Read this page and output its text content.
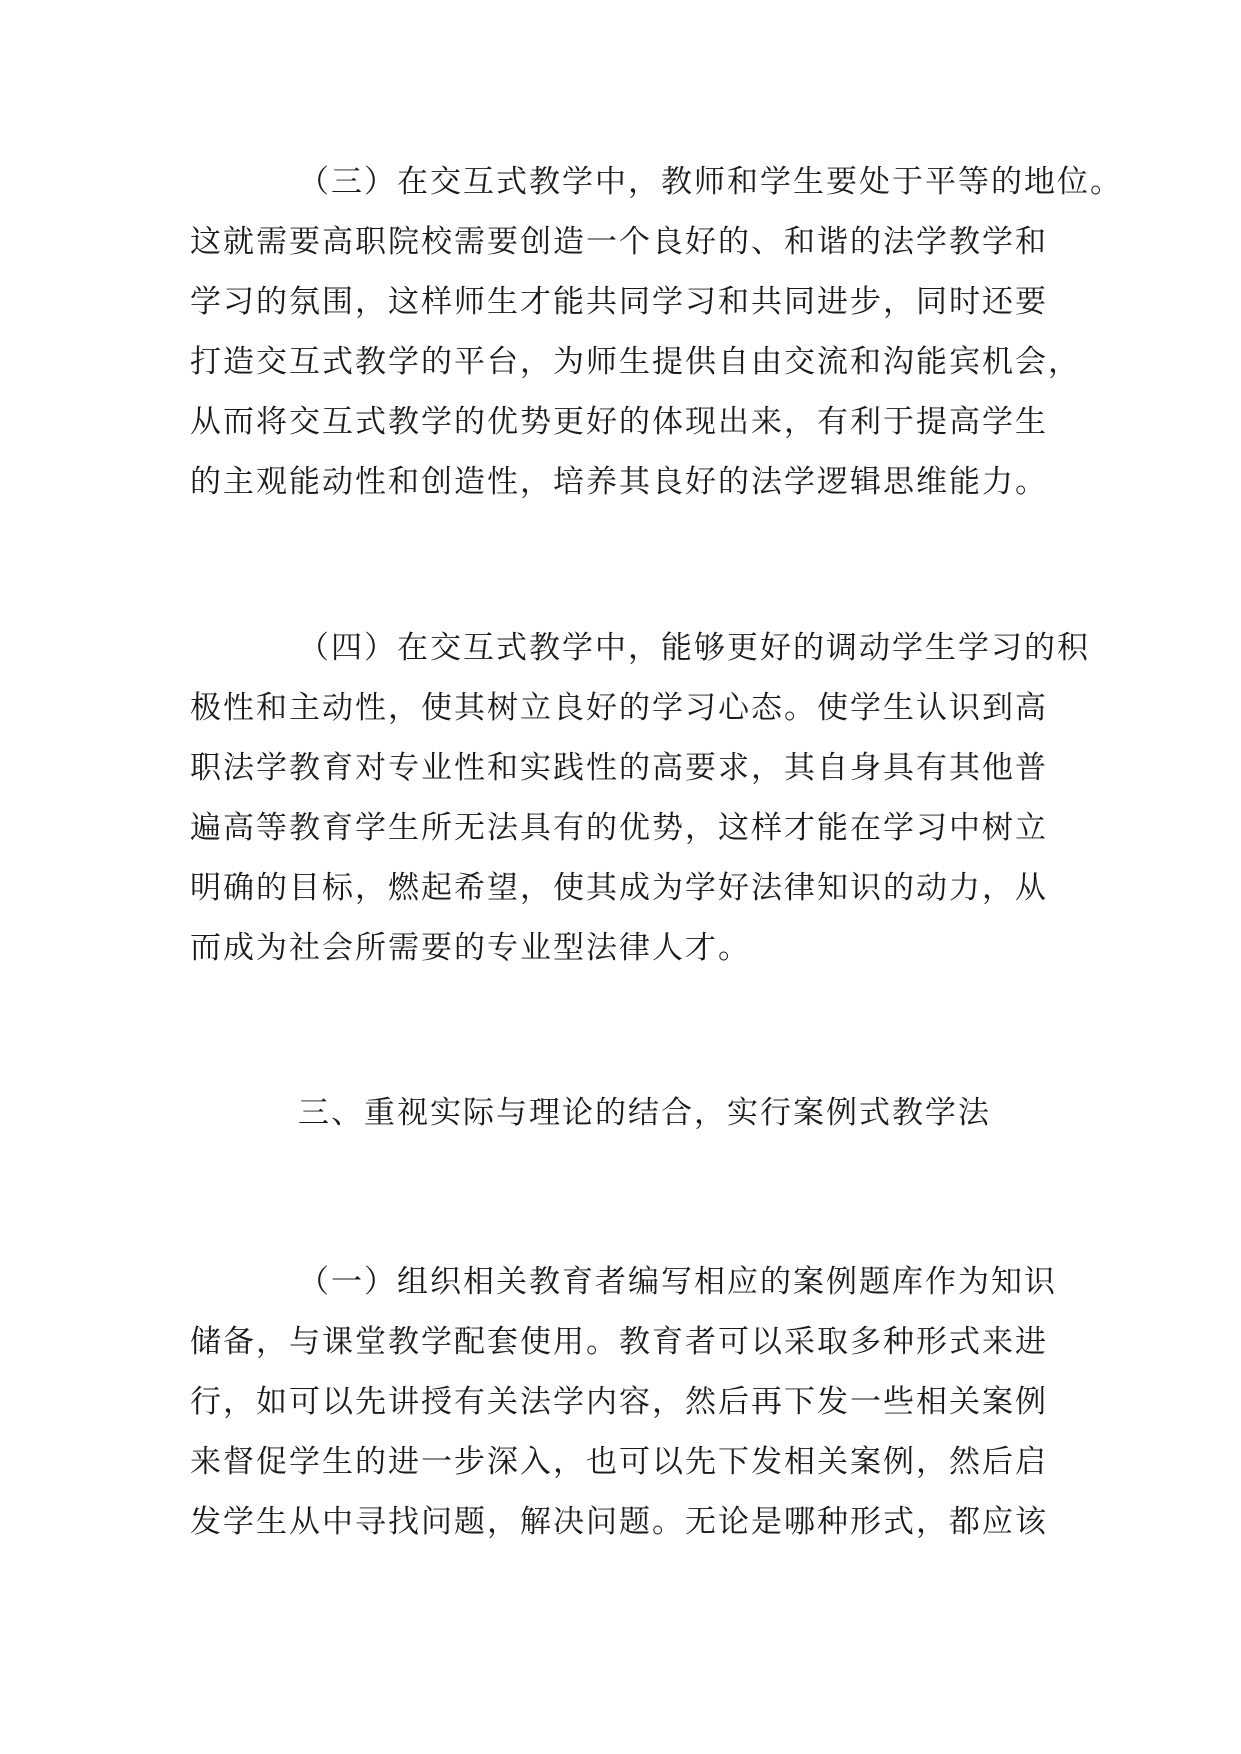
（三）在交互式教学中，教师和学生要处于平等的地位。
这就需要高职院校需要创造一个良好的、和谐的法学教学和
学习的氛围，这样师生才能共同学习和共同进步，同时还要
打造交互式教学的平台，为师生提供自由交流和沟能宾机会，
从而将交互式教学的优势更好的体现出来，有利于提高学生
的主观能动性和创造性，培养其良好的法学逻辑思维能力。
（四）在交互式教学中，能够更好的调动学生学习的积
极性和主动性，使其树立良好的学习心态。使学生认识到高
职法学教育对专业性和实践性的高要求，其自身具有其他普
遍高等教育学生所无法具有的优势，这样才能在学习中树立
明确的目标，燃起希望，使其成为学好法律知识的动力，从
而成为社会所需要的专业型法律人才。
三、重视实际与理论的结合，实行案例式教学法
（一）组织相关教育者编写相应的案例题库作为知识
储备，与课堂教学配套使用。教育者可以采取多种形式来进
行，如可以先讲授有关法学内容，然后再下发一些相关案例
来督促学生的进一步深入，也可以先下发相关案例，然后启
发学生从中寻找问题，解决问题。无论是哪种形式，都应该
